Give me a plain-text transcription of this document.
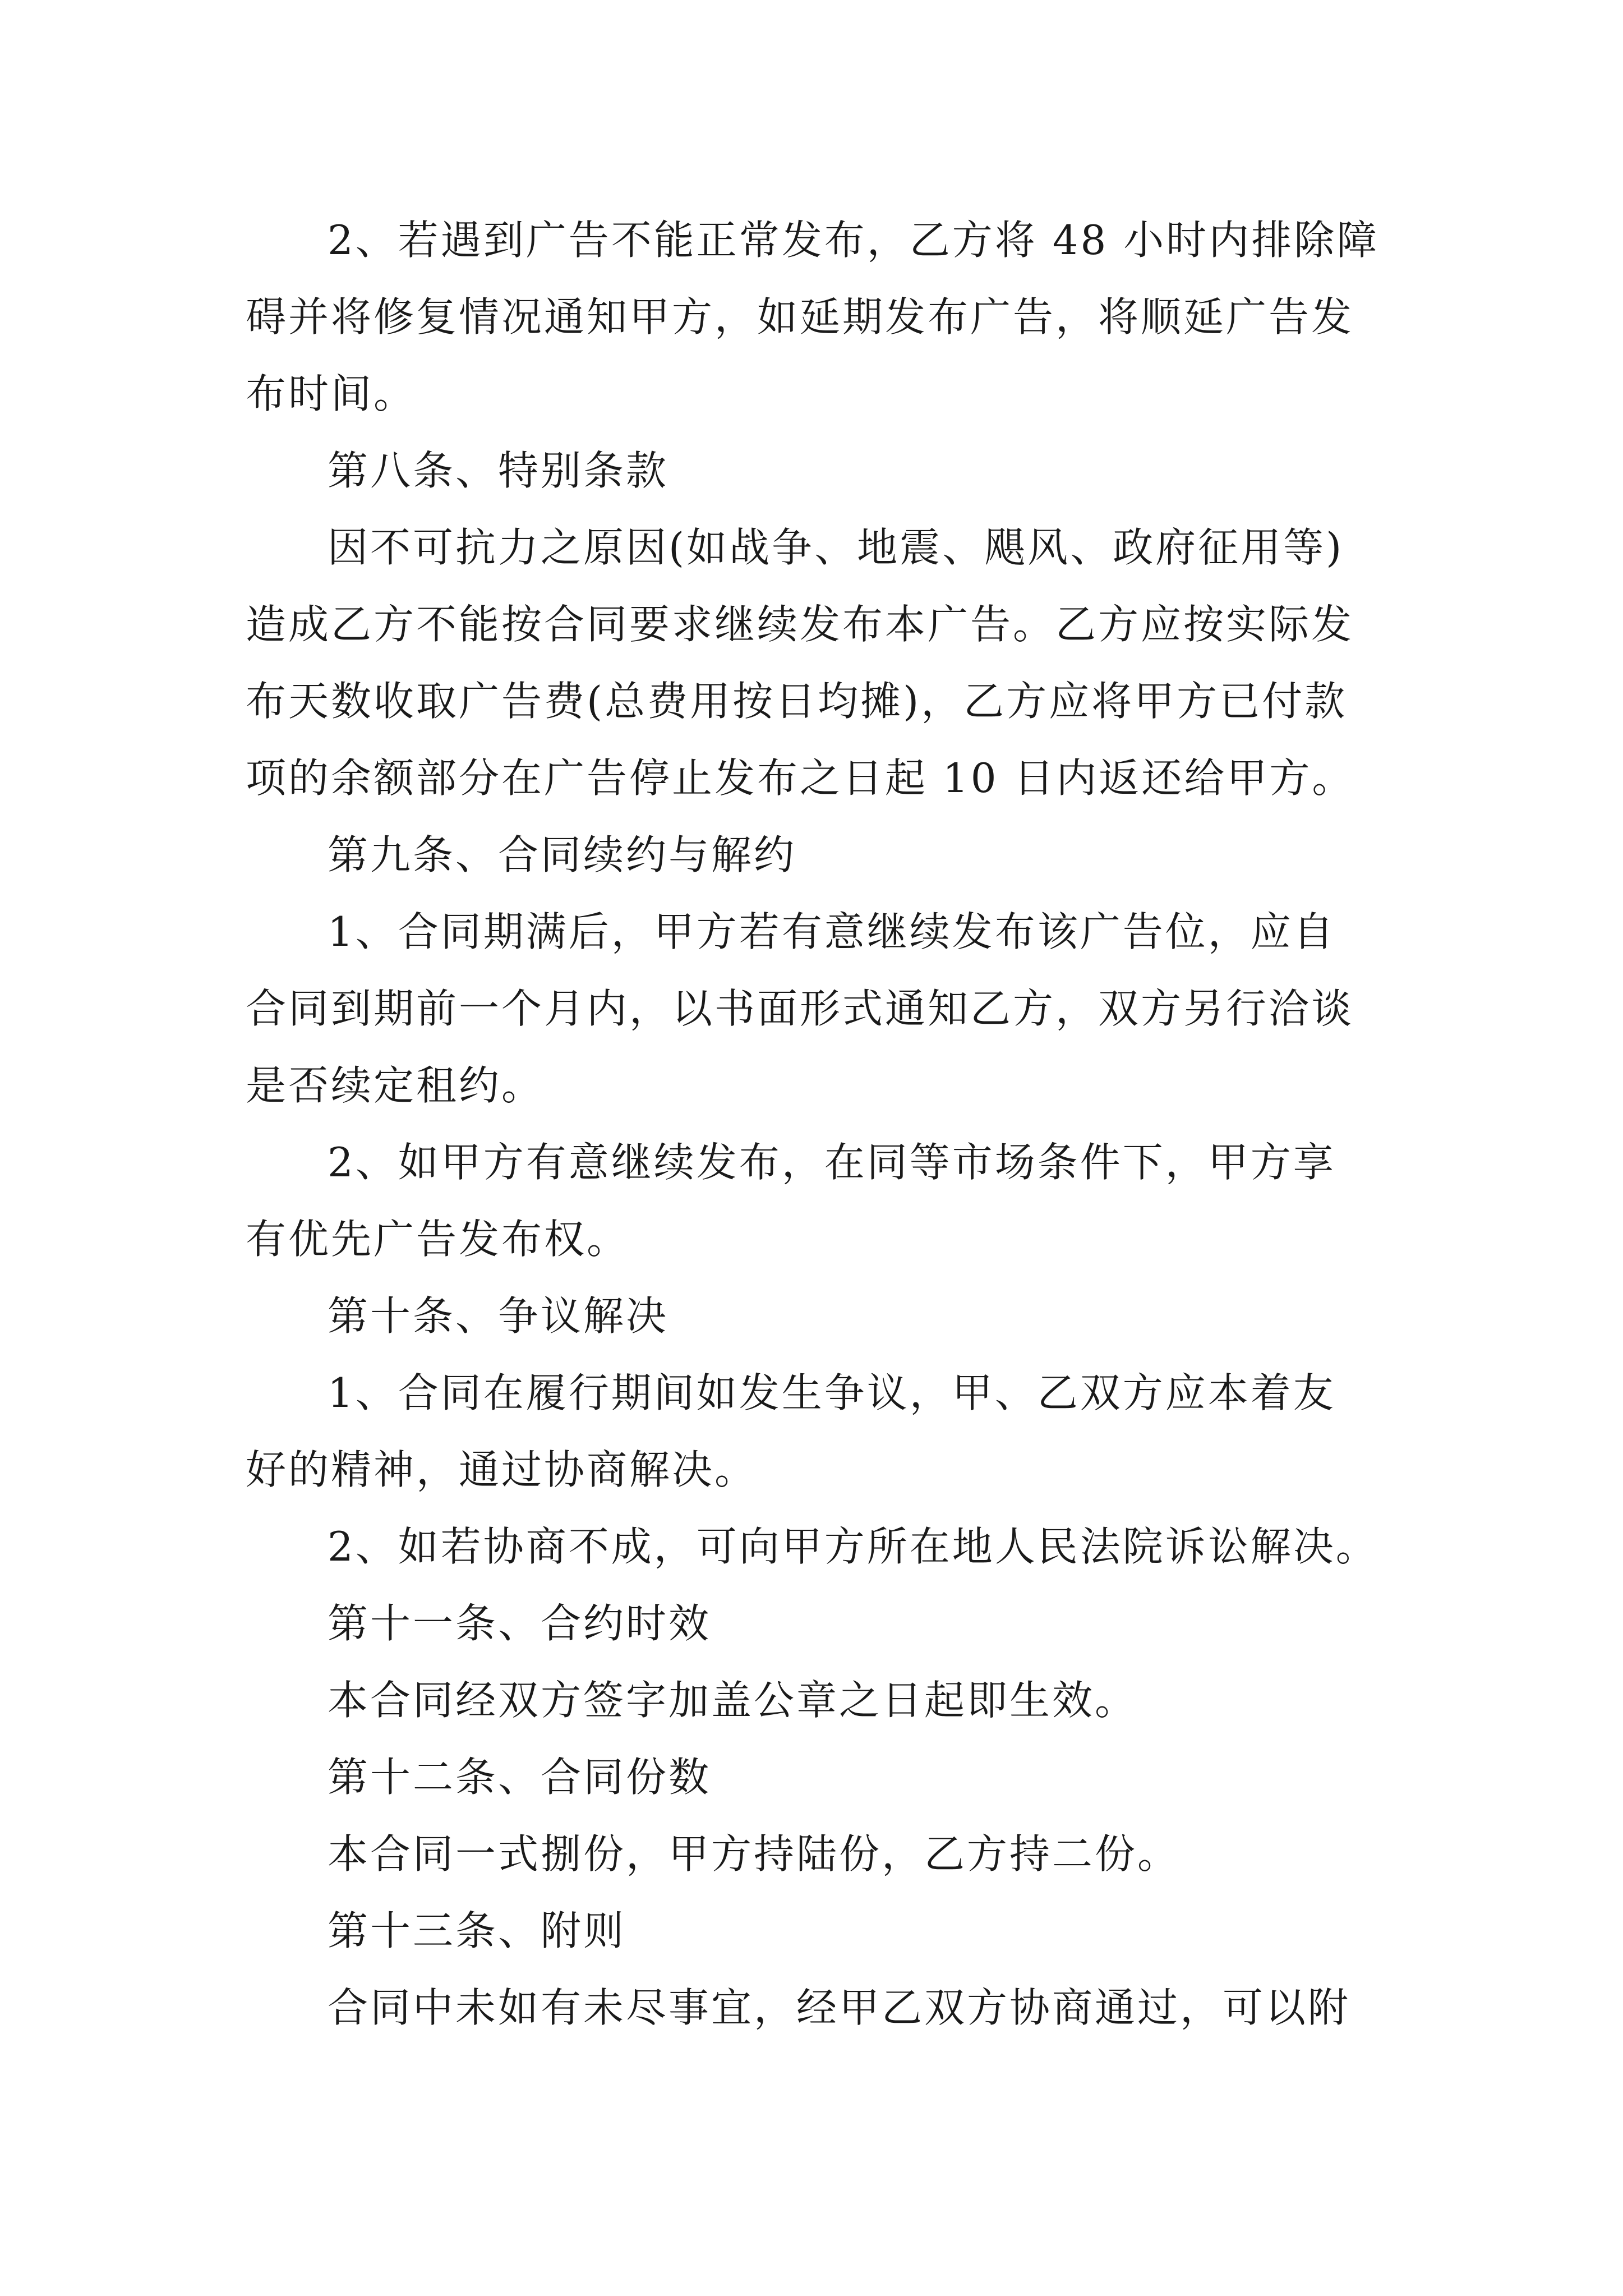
2、若遇到广告不能正常发布，乙方将 48 小时内排除障
碍并将修复情况通知甲方，如延期发布广告，将顺延广告发
布时间。
第八条、特别条款
因不可抗力之原因(如战争、地震、飓风、政府征用等)
造成乙方不能按合同要求继续发布本广告。乙方应按实际发
布天数收取广告费(总费用按日均摊)，乙方应将甲方已付款
项的余额部分在广告停止发布之日起 10 日内返还给甲方。
第九条、合同续约与解约
1、合同期满后，甲方若有意继续发布该广告位，应自
合同到期前一个月内，以书面形式通知乙方，双方另行洽谈
是否续定租约。
2、如甲方有意继续发布，在同等市场条件下，甲方享
有优先广告发布权。
第十条、争议解决
1、合同在履行期间如发生争议，甲、乙双方应本着友
好的精神，通过协商解决。
2、如若协商不成，可向甲方所在地人民法院诉讼解决。
第十一条、合约时效
本合同经双方签字加盖公章之日起即生效。
第十二条、合同份数
本合同一式捌份，甲方持陆份，乙方持二份。
第十三条、附则
合同中未如有未尽事宜，经甲乙双方协商通过，可以附
